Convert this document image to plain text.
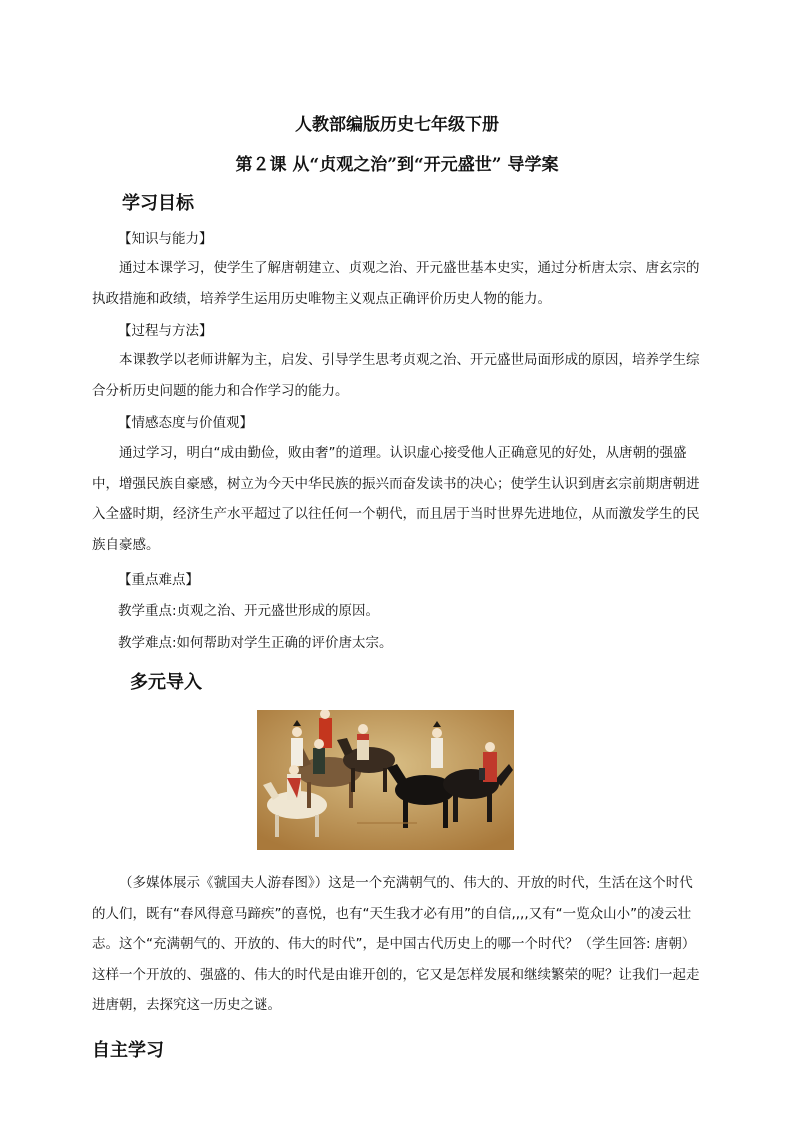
人教部编版历史七年级下册
第２课 从“贞观之治”到“开元盛世” 导学案
学习目标
【知识与能力】
通过本课学习，使学生了解唐朝建立、贞观之治、开元盛世基本史实，通过分析唐太宗、唐玄宗的执政措施和政绩，培养学生运用历史唯物主义观点正确评价历史人物的能力。
【过程与方法】
本课教学以老师讲解为主，启发、引导学生思考贞观之治、开元盛世局面形成的原因，培养学生综合分析历史问题的能力和合作学习的能力。
【情感态度与价值观】
通过学习，明白“成由勤俭，败由奢”的道理。认识虚心接受他人正确意见的好处，从唐朝的强盛中，增强民族自豪感，树立为今天中华民族的振兴而奋发读书的决心；使学生认识到唐玄宗前期唐朝进入全盛时期，经济生产水平超过了以往任何一个朝代，而且居于当时世界先进地位，从而激发学生的民族自豪感。
【重点难点】
教学重点:贞观之治、开元盛世形成的原因。
教学难点:如何帮助对学生正确的评价唐太宗。
多元导入
（多媒体展示《虢国夫人游春图》）这是一个充满朝气的、伟大的、开放的时代，生活在这个时代的人们，既有“春风得意马蹄疾”的喜悦，也有“天生我才必有用”的自信,,,,又有“一览众山小”的凌云壮志。这个“充满朝气的、开放的、伟大的时代”，是中国古代历史上的哪一个时代？（学生回答: 唐朝）这样一个开放的、强盛的、伟大的时代是由谁开创的，它又是怎样发展和继续繁荣的呢？让我们一起走进唐朝，去探究这一历史之谜。
自主学习
